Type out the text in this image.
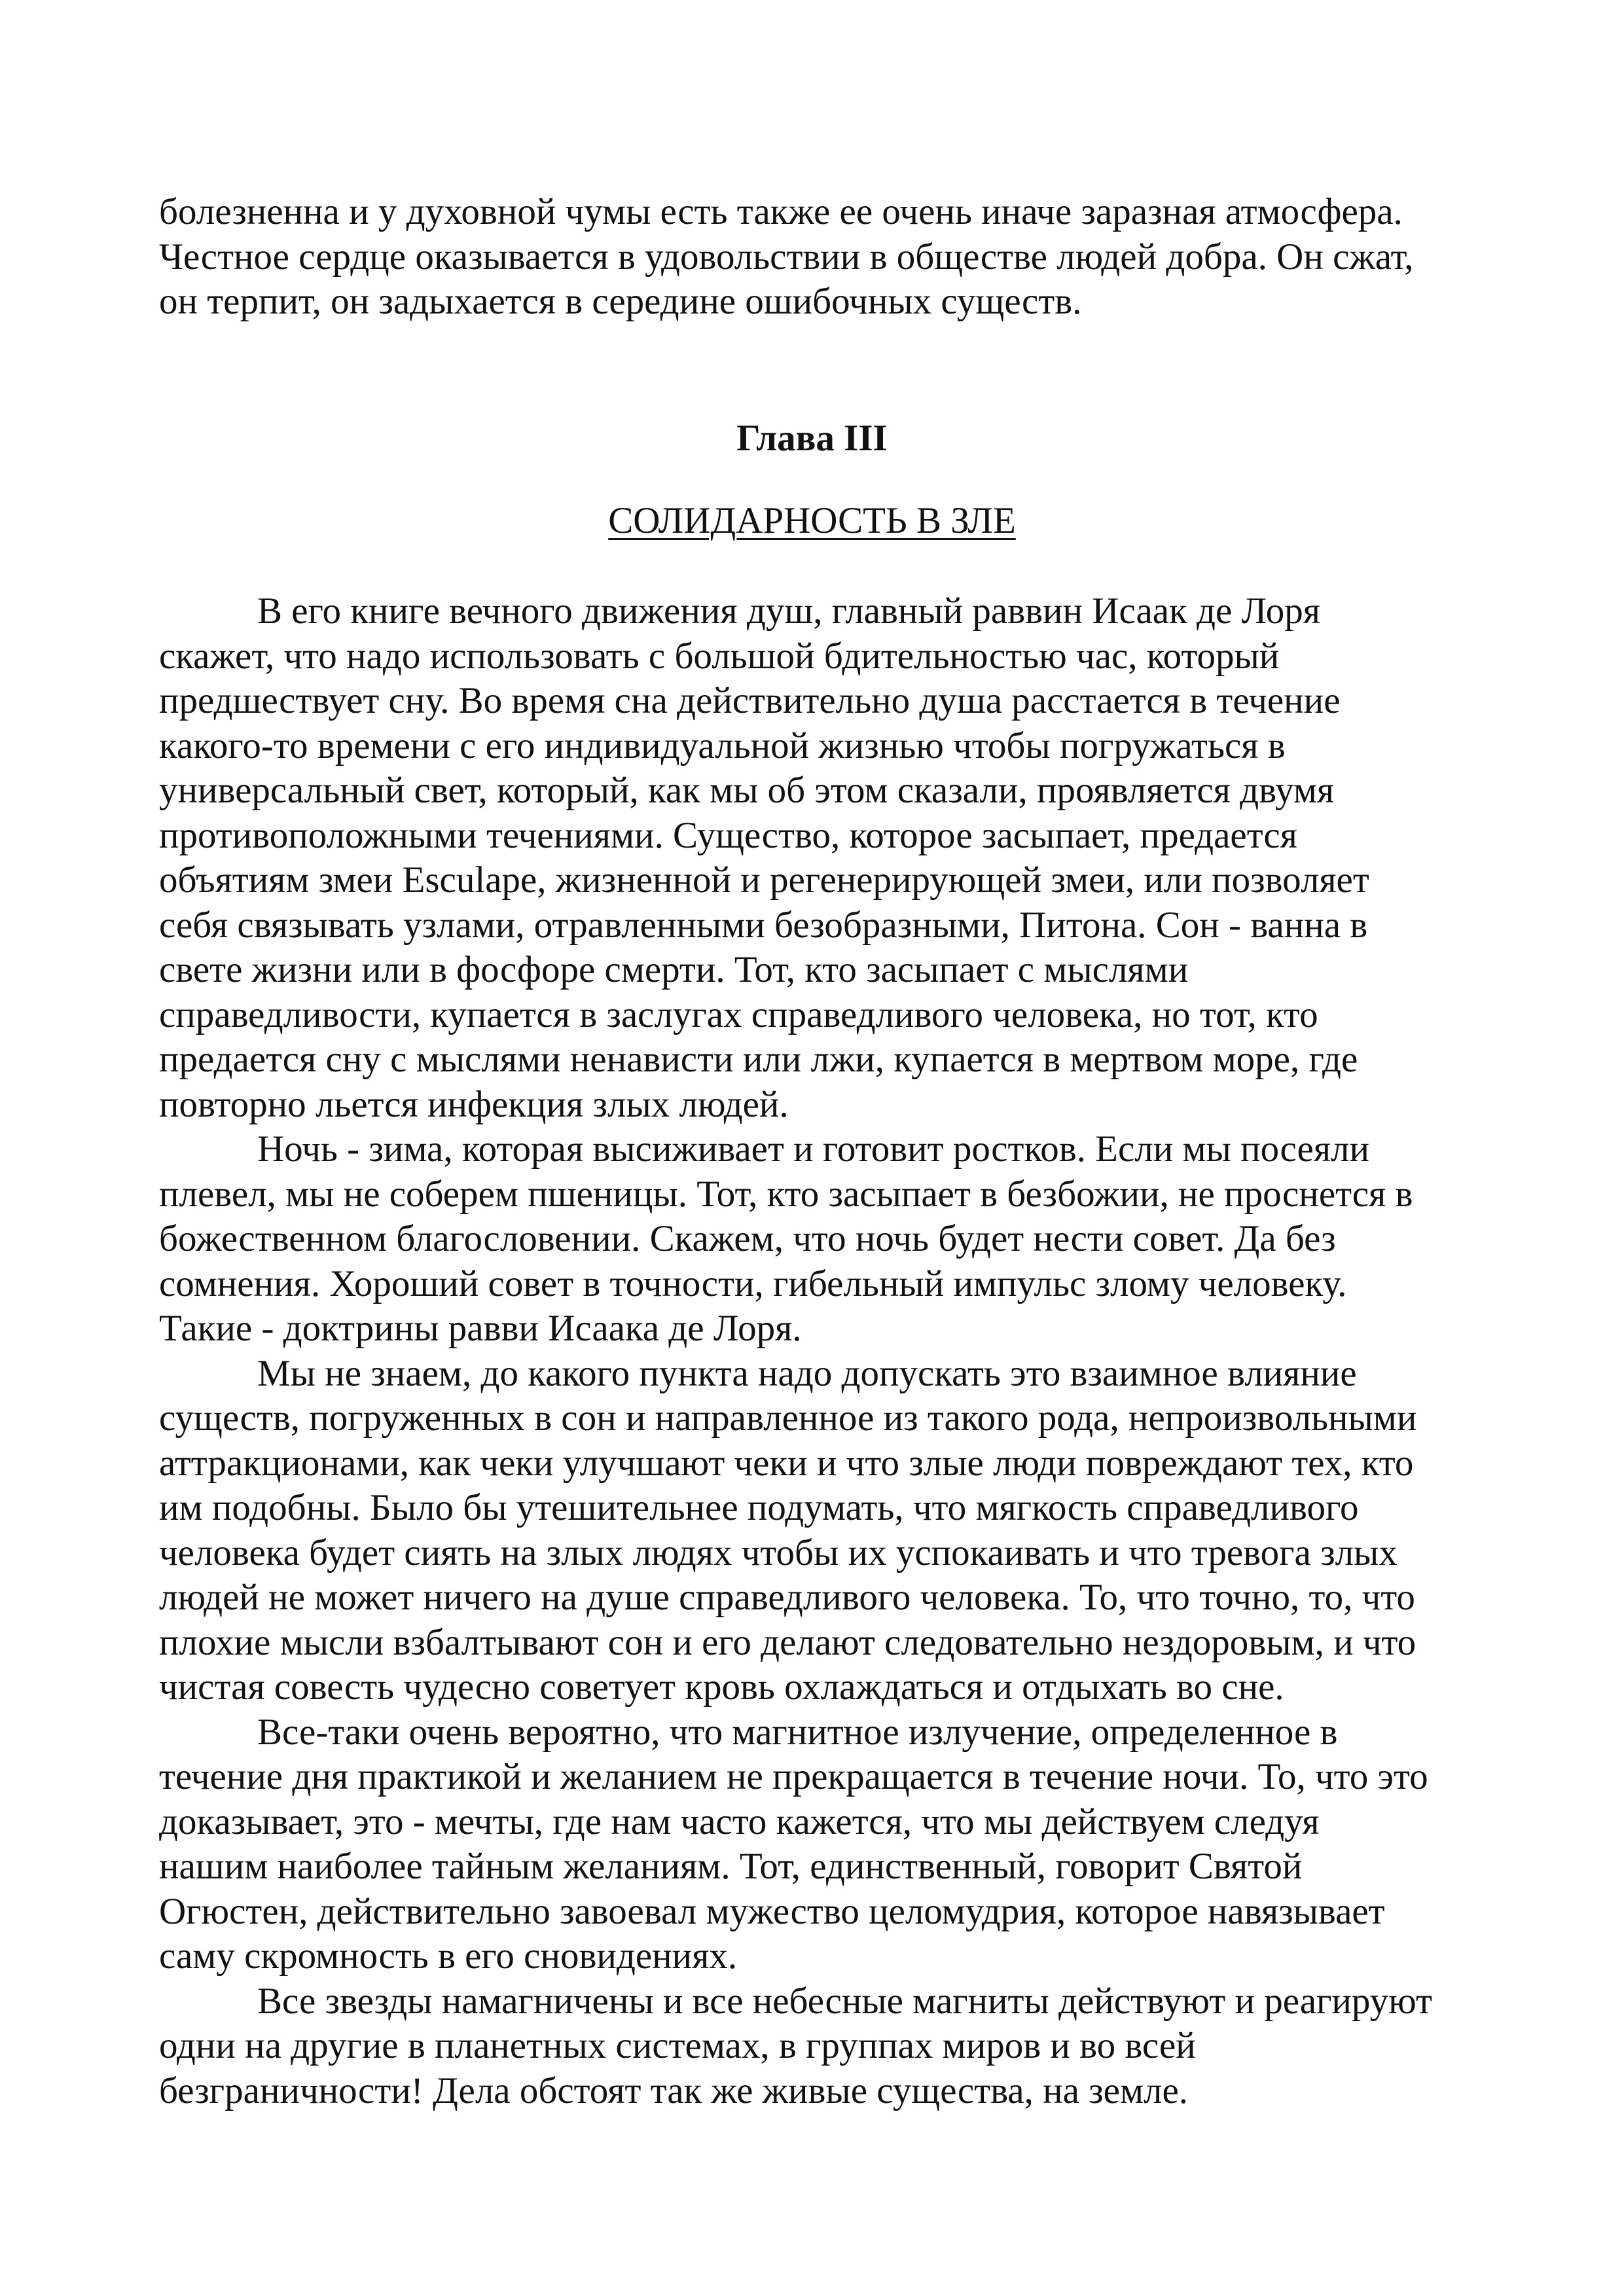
болезненна и у духовной чумы есть также ее очень иначе заразная атмосфера.
Честное сердце оказывается в удовольствии в обществе людей добра. Он сжат,
он терпит, он задыхается в середине ошибочных существ.
Глава III
СОЛИДАРНОСТЬ В ЗЛЕ
В его книге вечного движения душ, главный раввин Исаак де Лоря
скажет, что надо использовать с большой бдительностью час, который
предшествует сну. Во время сна действительно душа расстается в течение
какого-то времени с его индивидуальной жизнью чтобы погружаться в
универсальный свет, который, как мы об этом сказали, проявляется двумя
противоположными течениями. Существо, которое засыпает, предается
объятиям змеи Esculape, жизненной и регенерирующей змеи, или позволяет
себя связывать узлами, отравленными безобразными, Питона. Сон - ванна в
свете жизни или в фосфоре смерти. Тот, кто засыпает с мыслями
справедливости, купается в заслугах справедливого человека, но тот, кто
предается сну с мыслями ненависти или лжи, купается в мертвом море, где
повторно льется инфекция злых людей.
Ночь - зима, которая высиживает и готовит ростков. Если мы посеяли
плевел, мы не соберем пшеницы. Тот, кто засыпает в безбожии, не проснется в
божественном благословении. Скажем, что ночь будет нести совет. Да без
сомнения. Хороший совет в точности, гибельный импульс злому человеку.
Такие - доктрины равви Исаака де Лоря.
Мы не знаем, до какого пункта надо допускать это взаимное влияние
существ, погруженных в сон и направленное из такого рода, непроизвольными
аттракционами, как чеки улучшают чеки и что злые люди повреждают тех, кто
им подобны. Было бы утешительнее подумать, что мягкость справедливого
человека будет сиять на злых людях чтобы их успокаивать и что тревога злых
людей не может ничего на душе справедливого человека. То, что точно, то, что
плохие мысли взбалтывают сон и его делают следовательно нездоровым, и что
чистая совесть чудесно советует кровь охлаждаться и отдыхать во сне.
Все-таки очень вероятно, что магнитное излучение, определенное в
течение дня практикой и желанием не прекращается в течение ночи. То, что это
доказывает, это - мечты, где нам часто кажется, что мы действуем следуя
нашим наиболее тайным желаниям. Тот, единственный, говорит Святой
Огюстен, действительно завоевал мужество целомудрия, которое навязывает
саму скромность в его сновидениях.
Все звезды намагничены и все небесные магниты действуют и реагируют
одни на другие в планетных системах, в группах миров и во всей
безграничности! Дела обстоят так же живые существа, на земле.
